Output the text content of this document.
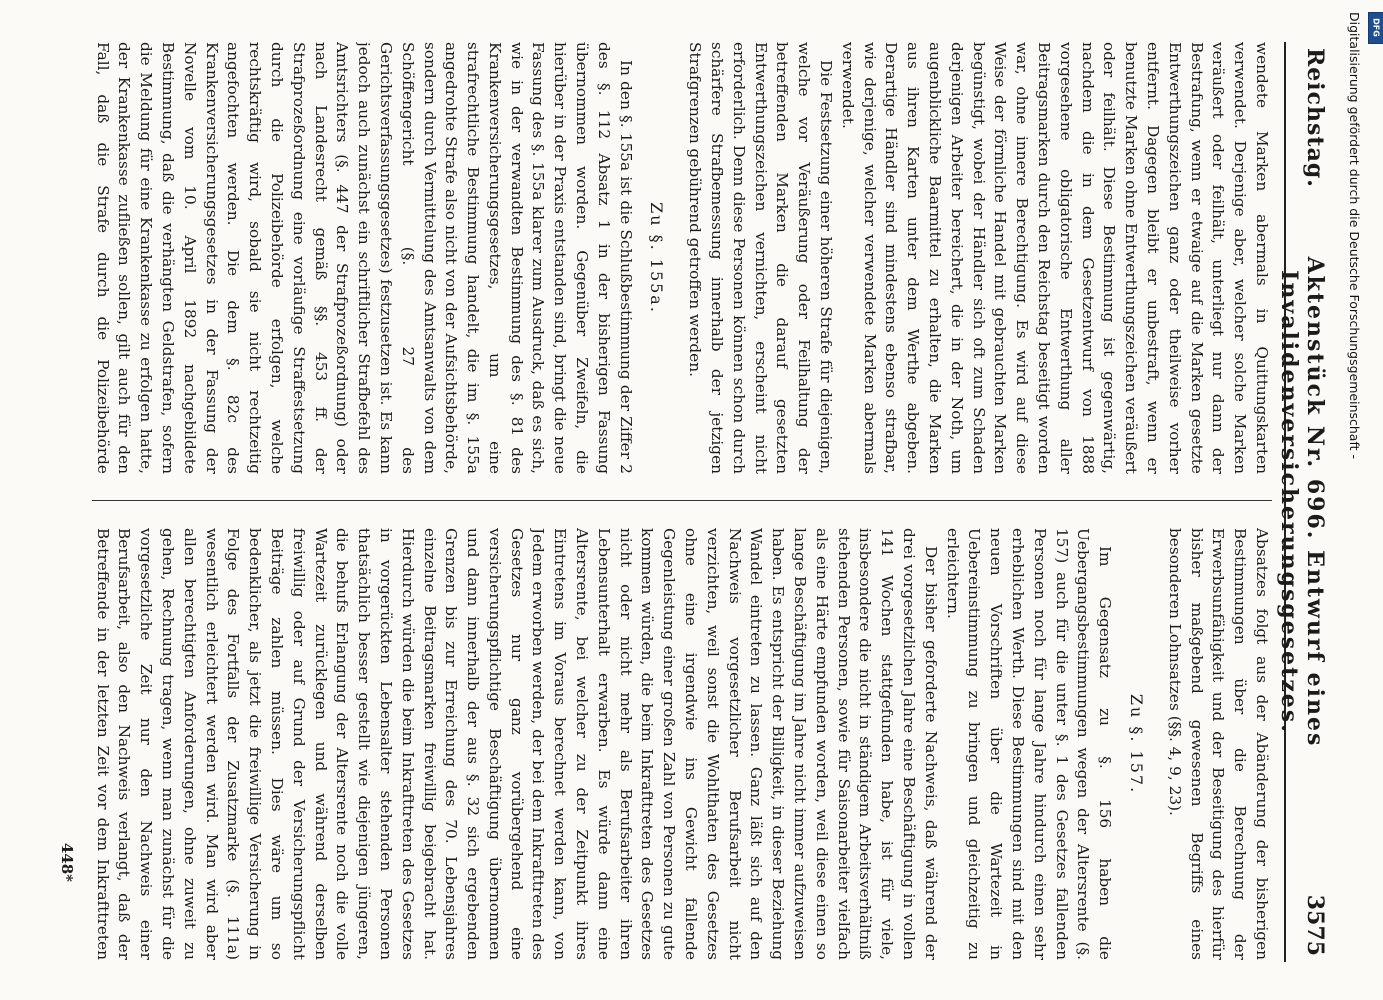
Reichstag.
Aktenstück Nr. 696. Entwurf eines Invalidenversicherungsgesetzes.
3575

wendete Marken abermals in Quittungskarten verwendet. Derjenige aber, welcher solche Marken veräußert oder feilhält, unterliegt nur dann der Bestrafung, wenn er etwaige auf die Marken gesetzte Entwerthungszeichen ganz oder theilweise vorher entfernt. Dagegen bleibt er unbestraft, wenn er benutzte Marken ohne Entwerthungszeichen veräußert oder feilhält. Diese Bestimmung ist gegenwärtig, nachdem die in dem Gesetzentwurf von 1888 vorgesehene obligatorische Entwerthung aller Beitragsmarken durch den Reichstag beseitigt worden war, ohne innere Berechtigung. Es wird auf diese Weise der förmliche Handel mit gebrauchten Marken begünstigt, wobei der Händler sich oft zum Schaden derjenigen Arbeiter bereichert, die in der Noth, um augenblickliche Baarmittel zu erhalten, die Marken aus ihren Karten unter dem Werthe abgeben. Derartige Händler sind mindestens ebenso strafbar, wie derjenige, welcher verwendete Marken abermals verwendet.

Die Festsetzung einer höheren Strafe für diejenigen, welche vor Veräußerung oder Feilhaltung der betreffenden Marken die darauf gesetzten Entwerthungszeichen vernichten, erscheint nicht erforderlich. Denn diese Personen können schon durch schärfere Strafbemessung innerhalb der jetzigen Strafgrenzen gebührend getroffen werden.

Zu §. 155a.

In den §. 155a ist die Schlußbestimmung der Ziffer 2 des §. 112 Absatz 1 in der bisherigen Fassung übernommen worden. Gegenüber Zweifeln, die hierüber in der Praxis entstanden sind, bringt die neue Fassung des §. 155a klarer zum Ausdruck, daß es sich, wie in der verwandten Bestimmung des §. 81 des Krankenversicherungsgesetzes, um eine strafrechtliche Bestimmung handelt, die im §. 155a angedrohte Strafe also nicht von der Aufsichtsbehörde, sondern durch Vermittelung des Amtsanwalts von dem Schöffengericht (§. 27 des Gerichtsverfassungsgesetzes) festzusetzen ist. Es kann jedoch auch zunächst ein schriftlicher Strafbefehl des Amtsrichters (§. 447 der Strafprozeßordnung) oder nach Landesrecht gemäß §§. 453 ff. der Strafprozeßordnung eine vorläufige Straffestsetzung durch die Polizeibehörde erfolgen, welche rechtskräftig wird, sobald sie nicht rechtzeitig angefochten werden. Die dem §. 82c des Krankenversicherungsgesetzes in der Fassung der Novelle vom 10. April 1892 nachgebildete Bestimmung, daß die verhängten Geldstrafen, sofern die Meldung für eine Krankenkasse zu erfolgen hatte, der Krankenkasse zufließen sollen, gilt auch für den Fall, daß die Strafe durch die Polizeibehörde

Absatzes folgt aus der Abänderung der bisherigen Bestimmungen über die Berechnung der Erwerbsunfähigkeit und der Beseitigung des hierfür bisher maßgebend gewesenen Begriffs eines besonderen Lohnsatzes (§§. 4, 9, 23).

Zu §. 157.

Im Gegensatz zu §. 156 haben die Uebergangsbestimmungen wegen der Altersrente (§. 157) auch für die unter §. 1 des Gesetzes fallenden Personen noch für lange Jahre hindurch einen sehr erheblichen Werth. Diese Bestimmungen sind mit den neuen Vorschriften über die Wartezeit in Uebereinstimmung zu bringen und gleichzeitig zu erleichtern.

Der bisher geforderte Nachweis, daß während der drei vorgesetzlichen Jahre eine Beschäftigung in vollen 141 Wochen stattgefunden habe, ist für viele, insbesondere die nicht in ständigem Arbeitsverhältniß stehenden Personen, sowie für Saisonarbeiter vielfach als eine Härte empfunden worden, weil diese einen so lange Beschäftigung im Jahre nicht immer aufzuweisen haben. Es entspricht der Billigkeit, in dieser Beziehung Wandel eintreten zu lassen. Ganz läßt sich auf den Nachweis vorgesetzlicher Berufsarbeit nicht verzichten, weil sonst die Wohlthaten des Gesetzes ohne eine irgendwie ins Gewicht fallende Gegenleistung einer großen Zahl von Personen zu gute kommen würden, die beim Inkrafttreten des Gesetzes nicht oder nicht mehr als Berufsarbeiter ihren Lebensunterhalt erwarben. Es würde dann eine Altersrente, bei welcher zu der Zeitpunkt ihres Eintretens im Voraus berechnet werden kann, von Jedem erworben werden, der bei dem Inkrafttreten des Gesetzes nur ganz vorübergehend eine versicherungspflichtige Beschäftigung übernommen und dann innerhalb der aus §. 32 sich ergebenden Grenzen bis zur Erreichung des 70. Lebensjahres einzelne Beitragsmarken freiwillig beigebracht hat. Hierdurch würden die beim Inkrafttreten des Gesetzes in vorgerückten Lebensalter stehenden Personen thatsächlich besser gestellt wie diejenigen jüngeren, die behufs Erlangung der Altersrente noch die volle Wartezeit zurücklegen und während derselben freiwillig oder auf Grund der Versicherungspflicht Beiträge zahlen müssen. Dies wäre um so bedenklicher, als jetzt die freiwillige Versicherung in Folge des Fortfalls der Zusatzmarke (§. 111a) wesentlich erleichtert werden wird. Man wird aber allen berechtigten Anforderungen, ohne zuweit zu gehen, Rechnung tragen, wenn man zunächst für die vorgesetzliche Zeit nur den Nachweis einer Berufsarbeit, also den Nachweis verlangt, daß der Betreffende in der letzten Zeit vor dem Inkrafttreten

448*
Digitalisierung gefördert durch die Deutsche Forschungsgemeinschaft - DFG
